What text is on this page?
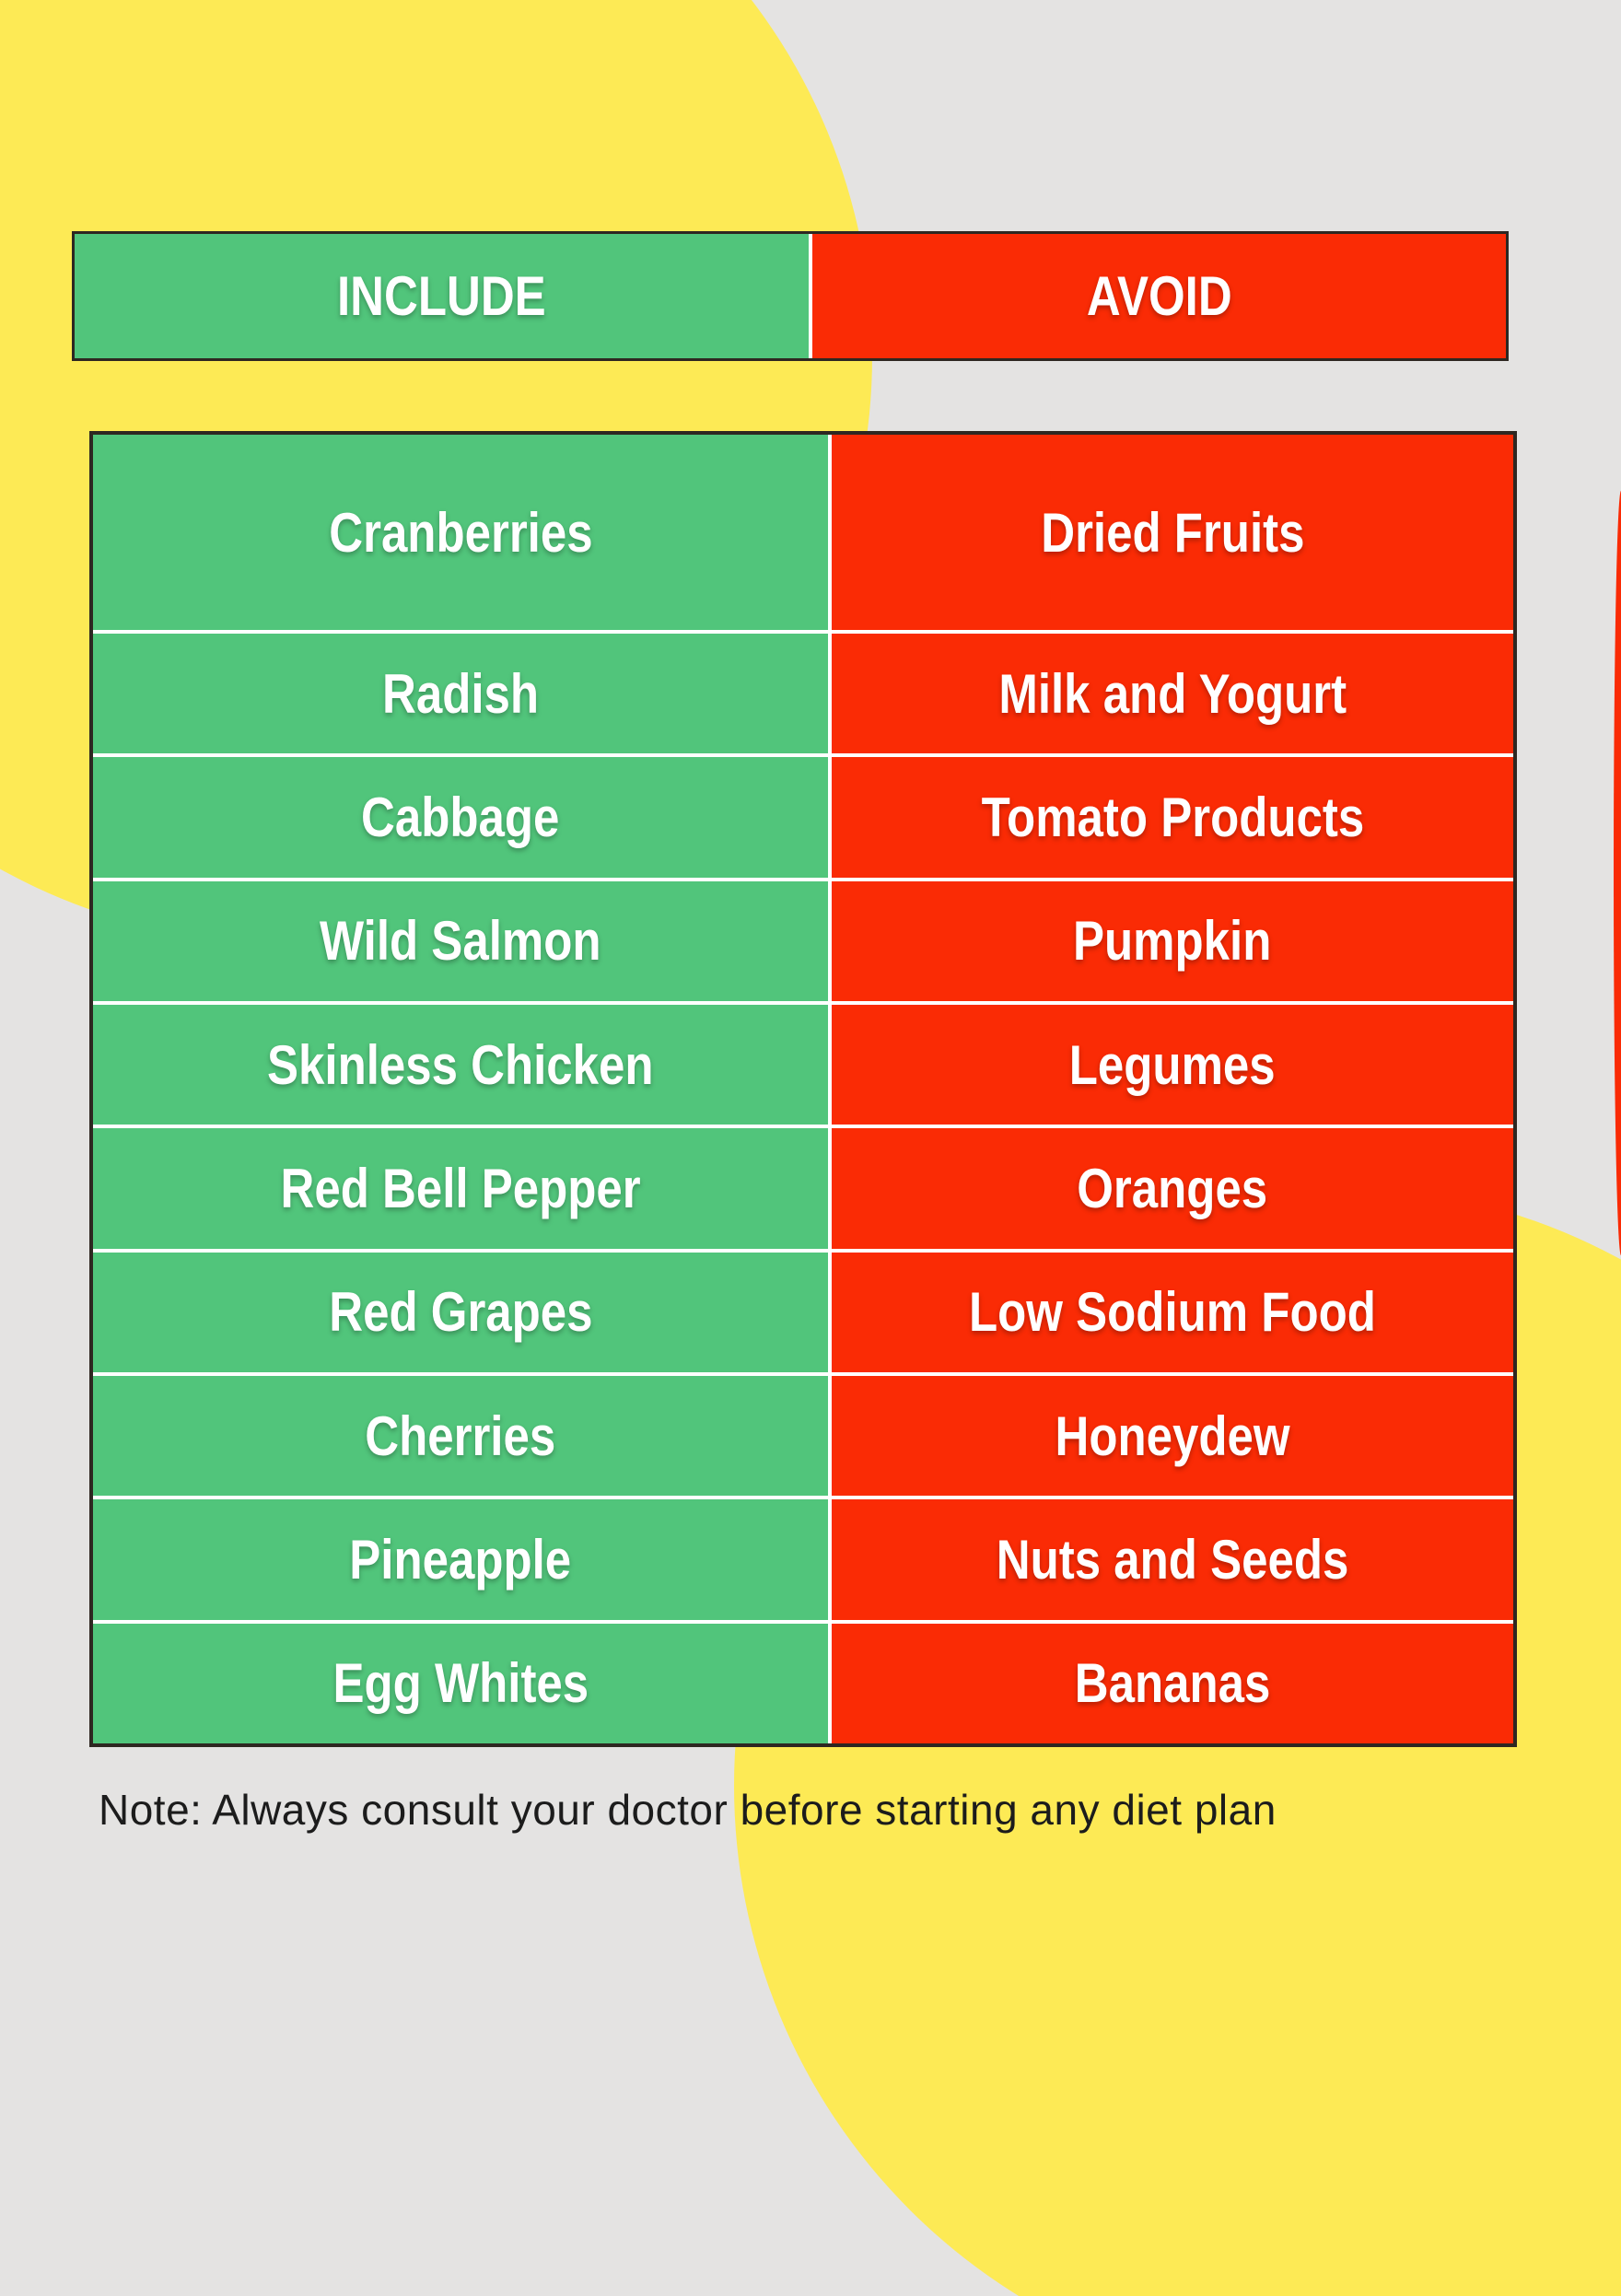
INCLUDE	AVOID
Cranberries	Dried Fruits
Radish	Milk and Yogurt
Cabbage	Tomato Products
Wild Salmon	Pumpkin
Skinless Chicken	Legumes
Red Bell Pepper	Oranges
Red Grapes	Low Sodium Food
Cherries	Honeydew
Pineapple	Nuts and Seeds
Egg Whites	Bananas
Note: Always consult your doctor before starting any diet plan
